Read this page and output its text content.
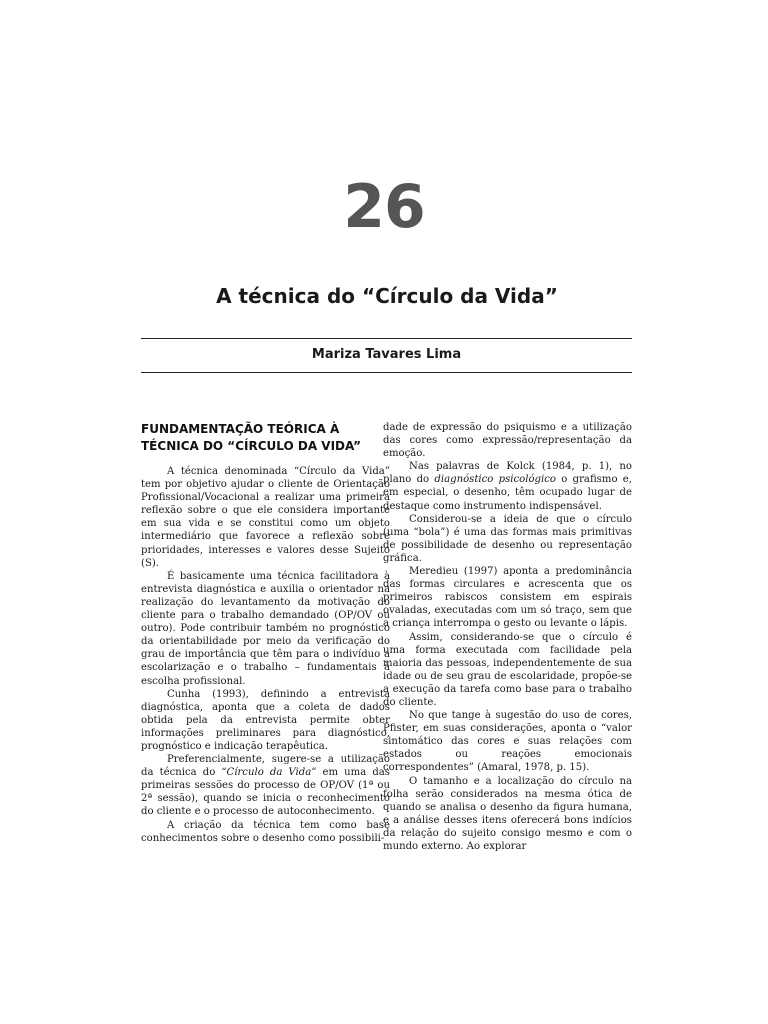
26
A técnica do “Círculo da Vida”
Mariza Tavares Lima
FUNDAMENTAÇÃO TEÓRICA À TÉCNICA DO “CÍRCULO DA VIDA”

A técnica denominada “Círculo da Vida” tem por objetivo ajudar o cliente de Orientação Profissional/Vocacional a realizar uma primeira reflexão sobre o que ele considera importante em sua vida e se constitui como um objeto intermediário que favorece a reflexão sobre prioridades, interesses e valores desse Sujeito (S).

É basicamente uma técnica facilitadora à entrevista diagnóstica e auxilia o orientador na realização do levantamento da motivação do cliente para o trabalho demandado (OP/OV ou outro). Pode contribuir também no prognóstico da orientabilidade por meio da verificação do grau de importância que têm para o indivíduo a escolarização e o trabalho – fundamentais à escolha profissional.

Cunha (1993), definindo a entrevista diagnóstica, aponta que a coleta de dados obtida pela da entrevista permite obter informações preliminares para diagnóstico, prognóstico e indicação terapêutica.

Preferencialmente, sugere-se a utilização da técnica do “Círculo da Vida” em uma das primeiras sessões do processo de OP/OV (1ª ou 2ª sessão), quando se inicia o reconhecimento do cliente e o processo de autoconhecimento.

A criação da técnica tem como base conhecimentos sobre o desenho como possibili-

dade de expressão do psiquismo e a utilização das cores como expressão/representação da emoção.

Nas palavras de Kolck (1984, p. 1), no plano do diagnóstico psicológico o grafismo e, em especial, o desenho, têm ocupado lugar de destaque como instrumento indispensável.

Considerou-se a ideia de que o círculo (uma “bola”) é uma das formas mais primitivas de possibilidade de desenho ou representação gráfica.

Meredieu (1997) aponta a predominância das formas circulares e acrescenta que os primeiros rabiscos consistem em espirais ovaladas, executadas com um só traço, sem que a criança interrompa o gesto ou levante o lápis.

Assim, considerando-se que o círculo é uma forma executada com facilidade pela maioria das pessoas, independentemente de sua idade ou de seu grau de escolaridade, propõe-se a execução da tarefa como base para o trabalho do cliente.

No que tange à sugestão do uso de cores, Pfister, em suas considerações, aponta o “valor sintomático das cores e suas relações com estados ou reações emocionais correspondentes” (Amaral, 1978, p. 15).

O tamanho e a localização do círculo na folha serão considerados na mesma ótica de quando se analisa o desenho da figura humana, e a análise desses itens oferecerá bons indícios da relação do sujeito consigo mesmo e com o mundo externo. Ao explorar
